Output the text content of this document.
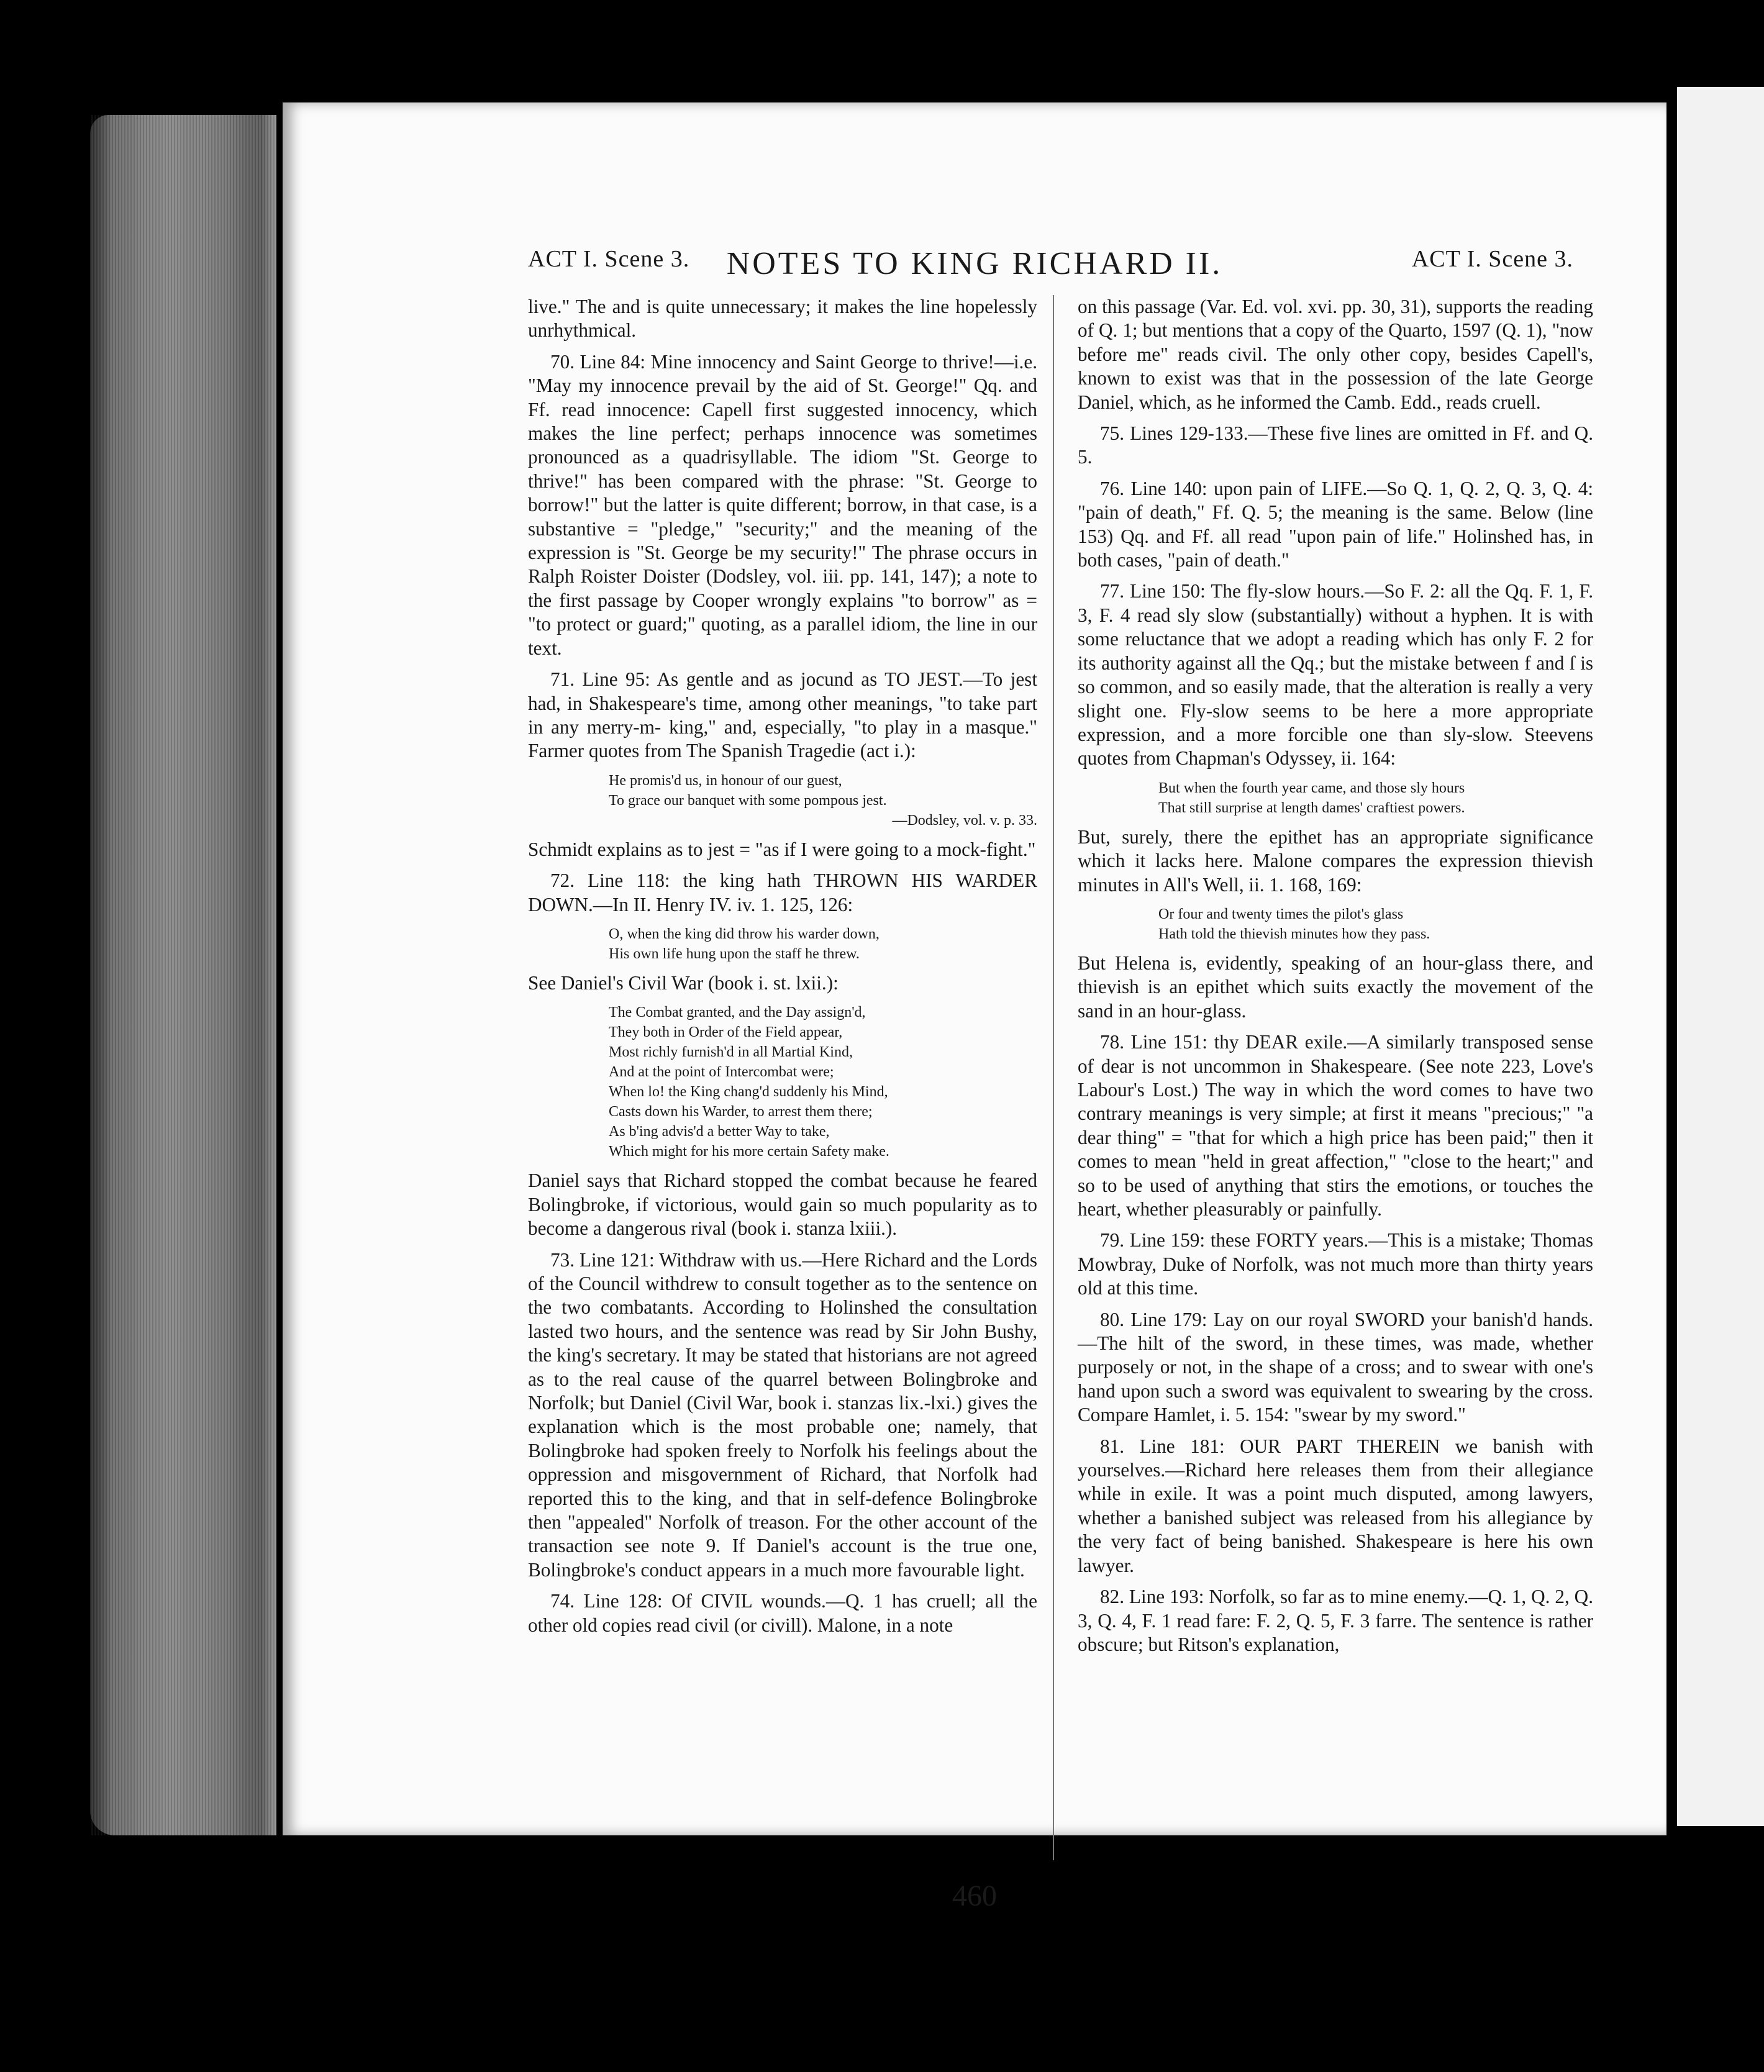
ACT I. Scene 3.	NOTES TO KING RICHARD II.	ACT I. Scene 3.

live." The and is quite unnecessary; it makes the line hopelessly unrhythmical.

70. Line 84: Mine innocency and Saint George to thrive!—i.e. "May my innocence prevail by the aid of St. George!" Qq. and Ff. read innocence: Capell first suggested innocency, which makes the line perfect; perhaps innocence was sometimes pronounced as a quadrisyllable. The idiom "St. George to thrive!" has been compared with the phrase: "St. George to borrow!" but the latter is quite different; borrow, in that case, is a substantive = "pledge," "security;" and the meaning of the expression is "St. George be my security!" The phrase occurs in Ralph Roister Doister (Dodsley, vol. iii. pp. 141, 147); a note to the first passage by Cooper wrongly explains "to borrow" as = "to protect or guard;" quoting, as a parallel idiom, the line in our text.

71. Line 95: As gentle and as jocund as TO JEST.—To jest had, in Shakespeare's time, among other meanings, "to take part in any merry-m- king," and, especially, "to play in a masque." Farmer quotes from The Spanish Tragedie (act i.):

He promis'd us, in honour of our guest,
To grace our banquet with some pompous jest.
—Dodsley, vol. v. p. 33.

Schmidt explains as to jest = "as if I were going to a mock-fight."

72. Line 118: the king hath THROWN HIS WARDER DOWN.—In II. Henry IV. iv. 1. 125, 126:

O, when the king did throw his warder down,
His own life hung upon the staff he threw.

See Daniel's Civil War (book i. st. lxii.):

The Combat granted, and the Day assign'd,
They both in Order of the Field appear,
Most richly furnish'd in all Martial Kind,
And at the point of Intercombat were;
When lo! the King chang'd suddenly his Mind,
Casts down his Warder, to arrest them there;
As b'ing advis'd a better Way to take,
Which might for his more certain Safety make.

Daniel says that Richard stopped the combat because he feared Bolingbroke, if victorious, would gain so much popularity as to become a dangerous rival (book i. stanza lxiii.).

73. Line 121: Withdraw with us.—Here Richard and the Lords of the Council withdrew to consult together as to the sentence on the two combatants. According to Holinshed the consultation lasted two hours, and the sentence was read by Sir John Bushy, the king's secretary. It may be stated that historians are not agreed as to the real cause of the quarrel between Bolingbroke and Norfolk; but Daniel (Civil War, book i. stanzas lix.-lxi.) gives the explanation which is the most probable one; namely, that Bolingbroke had spoken freely to Norfolk his feelings about the oppression and misgovernment of Richard, that Norfolk had reported this to the king, and that in self-defence Bolingbroke then "appealed" Norfolk of treason. For the other account of the transaction see note 9. If Daniel's account is the true one, Bolingbroke's conduct appears in a much more favourable light.

74. Line 128: Of CIVIL wounds.—Q. 1 has cruell; all the other old copies read civil (or civill). Malone, in a note

on this passage (Var. Ed. vol. xvi. pp. 30, 31), supports the reading of Q. 1; but mentions that a copy of the Quarto, 1597 (Q. 1), "now before me" reads civil. The only other copy, besides Capell's, known to exist was that in the possession of the late George Daniel, which, as he informed the Camb. Edd., reads cruell.

75. Lines 129-133.—These five lines are omitted in Ff. and Q. 5.

76. Line 140: upon pain of LIFE.—So Q. 1, Q. 2, Q. 3, Q. 4: "pain of death," Ff. Q. 5; the meaning is the same. Below (line 153) Qq. and Ff. all read "upon pain of life." Holinshed has, in both cases, "pain of death."

77. Line 150: The fly-slow hours.—So F. 2: all the Qq. F. 1, F. 3, F. 4 read sly slow (substantially) without a hyphen. It is with some reluctance that we adopt a reading which has only F. 2 for its authority against all the Qq.; but the mistake between f and ſ is so common, and so easily made, that the alteration is really a very slight one. Fly-slow seems to be here a more appropriate expression, and a more forcible one than sly-slow. Steevens quotes from Chapman's Odyssey, ii. 164:

But when the fourth year came, and those sly hours
That still surprise at length dames' craftiest powers.

But, surely, there the epithet has an appropriate significance which it lacks here. Malone compares the expression thievish minutes in All's Well, ii. 1. 168, 169:

Or four and twenty times the pilot's glass
Hath told the thievish minutes how they pass.

But Helena is, evidently, speaking of an hour-glass there, and thievish is an epithet which suits exactly the movement of the sand in an hour-glass.

78. Line 151: thy DEAR exile.—A similarly transposed sense of dear is not uncommon in Shakespeare. (See note 223, Love's Labour's Lost.) The way in which the word comes to have two contrary meanings is very simple; at first it means "precious;" "a dear thing" = "that for which a high price has been paid;" then it comes to mean "held in great affection," "close to the heart;" and so to be used of anything that stirs the emotions, or touches the heart, whether pleasurably or painfully.

79. Line 159: these FORTY years.—This is a mistake; Thomas Mowbray, Duke of Norfolk, was not much more than thirty years old at this time.

80. Line 179: Lay on our royal SWORD your banish'd hands.—The hilt of the sword, in these times, was made, whether purposely or not, in the shape of a cross; and to swear with one's hand upon such a sword was equivalent to swearing by the cross. Compare Hamlet, i. 5. 154: "swear by my sword."

81. Line 181: OUR PART THEREIN we banish with yourselves.—Richard here releases them from their allegiance while in exile. It was a point much disputed, among lawyers, whether a banished subject was released from his allegiance by the very fact of being banished. Shakespeare is here his own lawyer.

82. Line 193: Norfolk, so far as to mine enemy.—Q. 1, Q. 2, Q. 3, Q. 4, F. 1 read fare: F. 2, Q. 5, F. 3 farre. The sentence is rather obscure; but Ritson's explanation,

460
